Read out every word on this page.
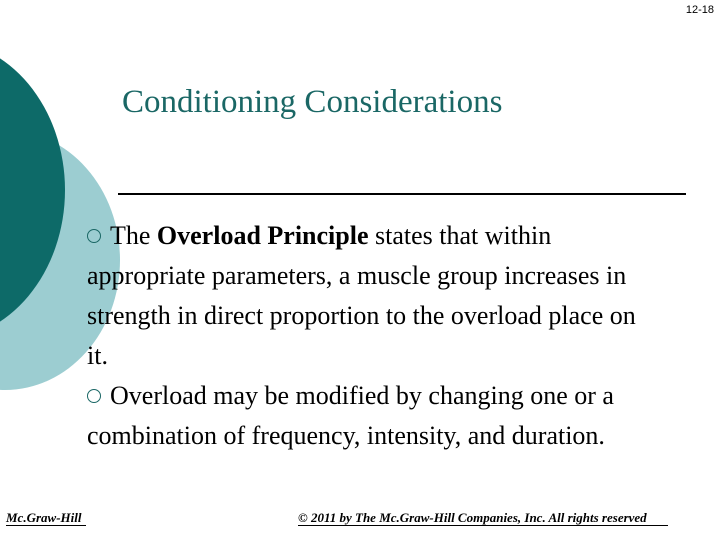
12-18
Conditioning Considerations

The Overload Principle states that within appropriate parameters, a muscle group increases in strength in direct proportion to the overload place on it.

Overload may be modified by changing one or a combination of frequency, intensity, and duration.

Mc.Graw-Hill	© 2011 by The Mc.Graw-Hill Companies, Inc. All rights reserved
